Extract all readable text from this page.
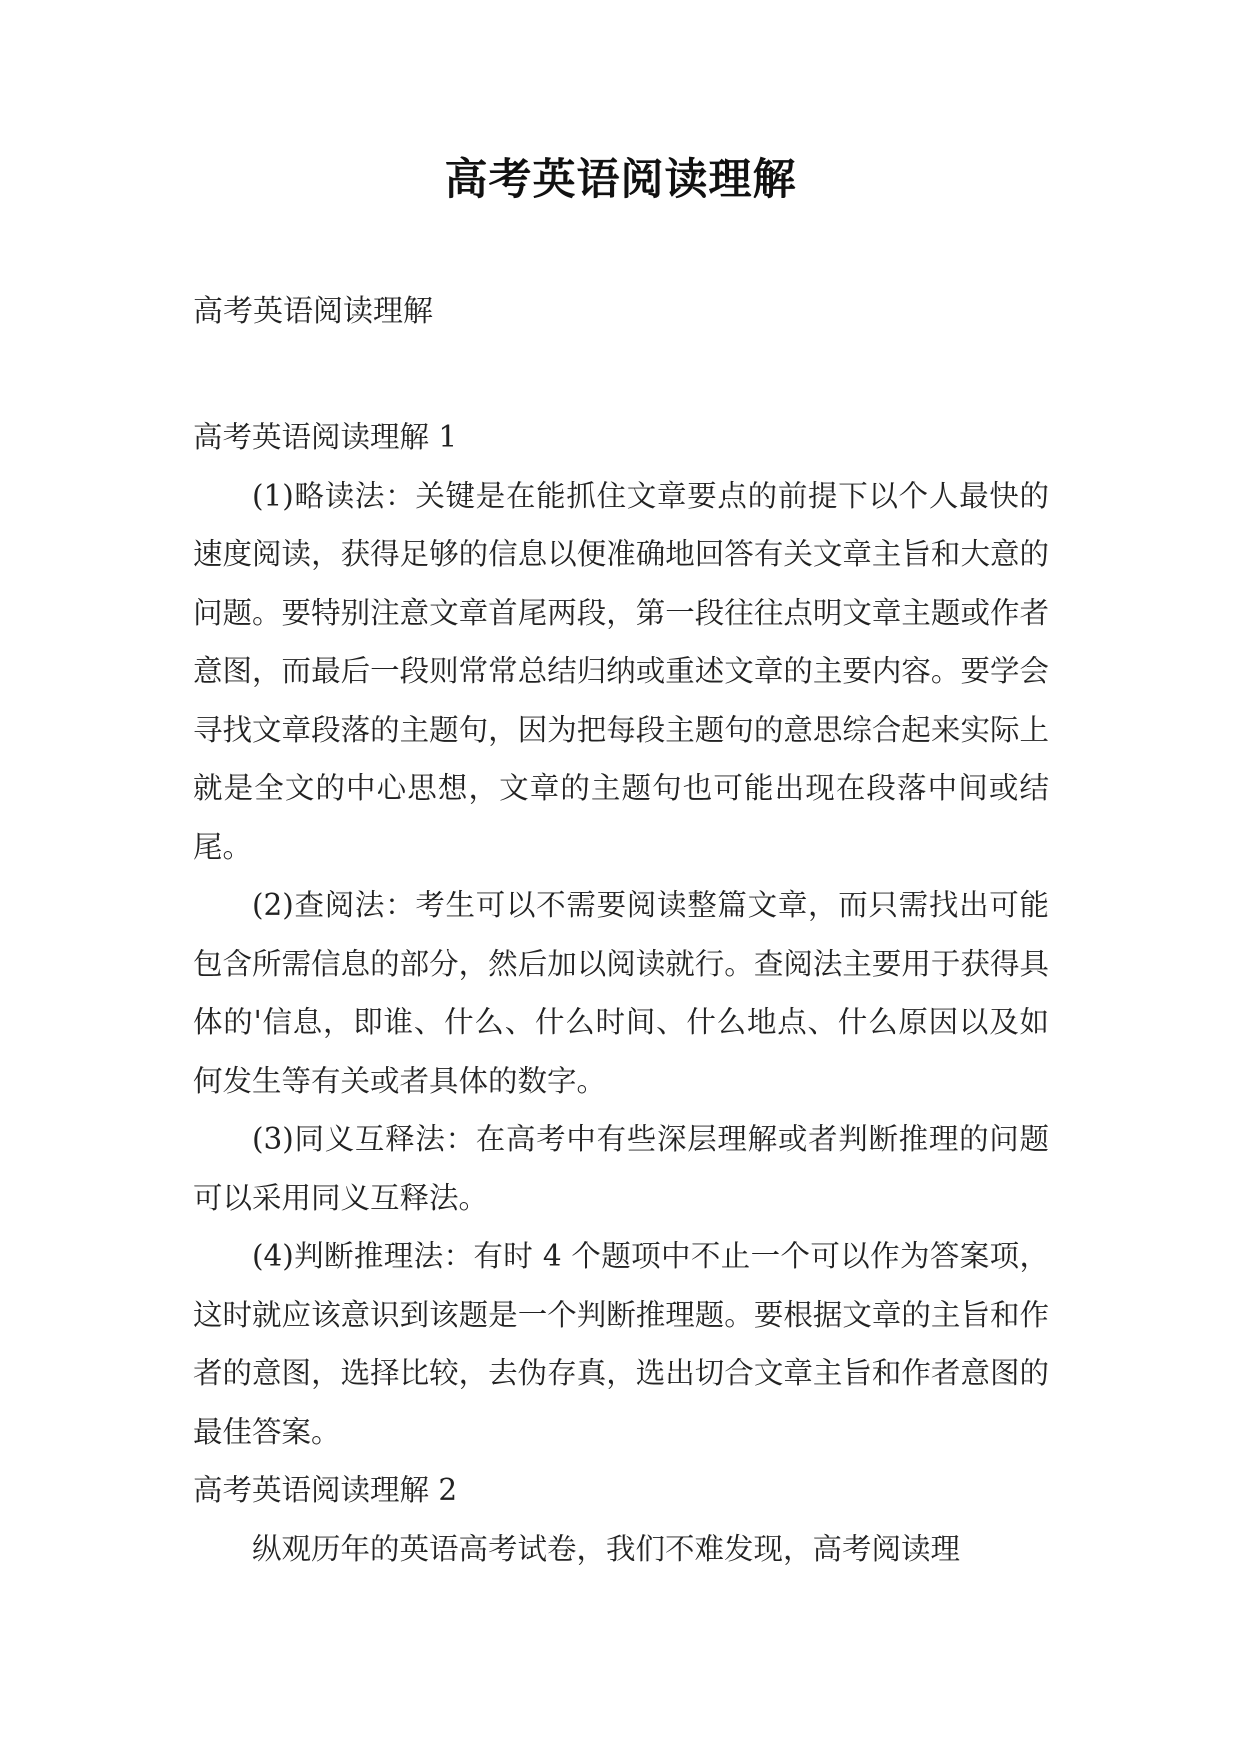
高考英语阅读理解

高考英语阅读理解

高考英语阅读理解 1

(1)略读法：关键是在能抓住文章要点的前提下以个人最快的速度阅读，获得足够的信息以便准确地回答有关文章主旨和大意的问题。要特别注意文章首尾两段，第一段往往点明文章主题或作者意图，而最后一段则常常总结归纳或重述文章的主要内容。要学会寻找文章段落的主题句，因为把每段主题句的意思综合起来实际上就是全文的中心思想，文章的主题句也可能出现在段落中间或结尾。

(2)查阅法：考生可以不需要阅读整篇文章，而只需找出可能包含所需信息的部分，然后加以阅读就行。查阅法主要用于获得具体的'信息，即谁、什么、什么时间、什么地点、什么原因以及如何发生等有关或者具体的数字。

(3)同义互释法：在高考中有些深层理解或者判断推理的问题可以采用同义互释法。

(4)判断推理法：有时 4 个题项中不止一个可以作为答案项，这时就应该意识到该题是一个判断推理题。要根据文章的主旨和作者的意图，选择比较，去伪存真，选出切合文章主旨和作者意图的最佳答案。

高考英语阅读理解 2

纵观历年的英语高考试卷，我们不难发现，高考阅读理
